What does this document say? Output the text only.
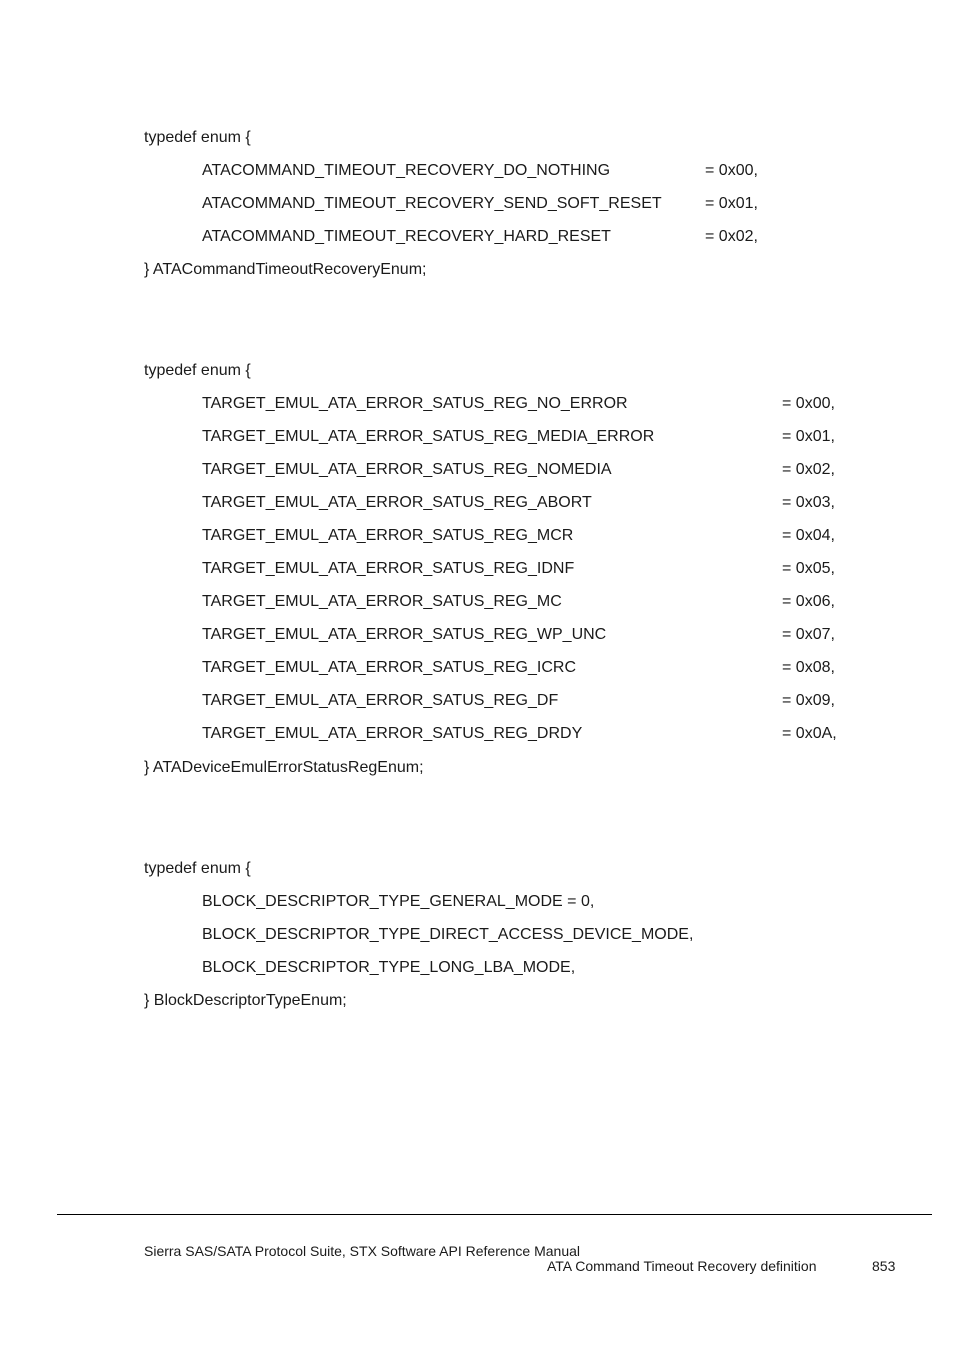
typedef enum {
ATACOMMAND_TIMEOUT_RECOVERY_DO_NOTHING	= 0x00,
ATACOMMAND_TIMEOUT_RECOVERY_SEND_SOFT_RESET	= 0x01,
ATACOMMAND_TIMEOUT_RECOVERY_HARD_RESET	= 0x02,
} ATACommandTimeoutRecoveryEnum;
typedef enum {
TARGET_EMUL_ATA_ERROR_SATUS_REG_NO_ERROR	= 0x00,
TARGET_EMUL_ATA_ERROR_SATUS_REG_MEDIA_ERROR	= 0x01,
TARGET_EMUL_ATA_ERROR_SATUS_REG_NOMEDIA	= 0x02,
TARGET_EMUL_ATA_ERROR_SATUS_REG_ABORT	= 0x03,
TARGET_EMUL_ATA_ERROR_SATUS_REG_MCR	= 0x04,
TARGET_EMUL_ATA_ERROR_SATUS_REG_IDNF	= 0x05,
TARGET_EMUL_ATA_ERROR_SATUS_REG_MC	= 0x06,
TARGET_EMUL_ATA_ERROR_SATUS_REG_WP_UNC	= 0x07,
TARGET_EMUL_ATA_ERROR_SATUS_REG_ICRC	= 0x08,
TARGET_EMUL_ATA_ERROR_SATUS_REG_DF	= 0x09,
TARGET_EMUL_ATA_ERROR_SATUS_REG_DRDY	= 0x0A,
} ATADeviceEmulErrorStatusRegEnum;
typedef enum {
BLOCK_DESCRIPTOR_TYPE_GENERAL_MODE = 0,
BLOCK_DESCRIPTOR_TYPE_DIRECT_ACCESS_DEVICE_MODE,
BLOCK_DESCRIPTOR_TYPE_LONG_LBA_MODE,
} BlockDescriptorTypeEnum;
Sierra SAS/SATA Protocol Suite, STX Software API Reference Manual
ATA Command Timeout Recovery definition	853
